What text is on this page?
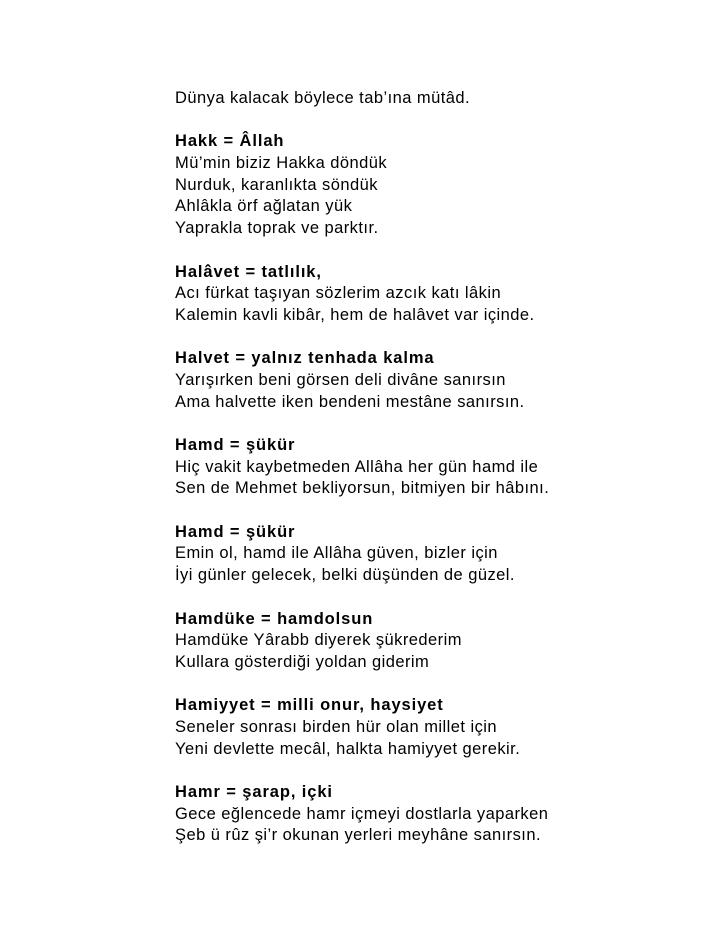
Dünya kalacak böylece tab’ına mütâd.
Hakk = Âllah
Mü’min biziz Hakka döndük
Nurduk, karanlıkta söndük
Ahlâkla örf ağlatan yük
Yaprakla toprak ve parktır.
Halâvet = tatlılık,
Acı fürkat taşıyan sözlerim azcık katı lâkin
Kalemin kavli kibâr, hem de halâvet var içinde.
Halvet = yalnız tenhada kalma
Yarışırken beni görsen deli divâne sanırsın
Ama halvette iken bendeni mestâne sanırsın.
Hamd = şükür
Hiç vakit kaybetmeden Allâha her gün hamd ile
Sen de Mehmet bekliyorsun, bitmiyen bir hâbını.
Hamd = şükür
Emin ol, hamd ile Allâha güven, bizler için
İyi günler gelecek, belki düşünden de güzel.
Hamdüke = hamdolsun
Hamdüke Yârabb diyerek şükrederim
Kullara gösterdiği yoldan giderim
Hamiyyet = milli onur, haysiyet
Seneler sonrası birden hür olan millet için
Yeni devlette mecâl, halkta hamiyyet gerekir.
Hamr = şarap, içki
Gece eğlencede hamr içmeyi dostlarla yaparken
Şeb ü rûz şi’r okunan yerleri meyhâne sanırsın.
